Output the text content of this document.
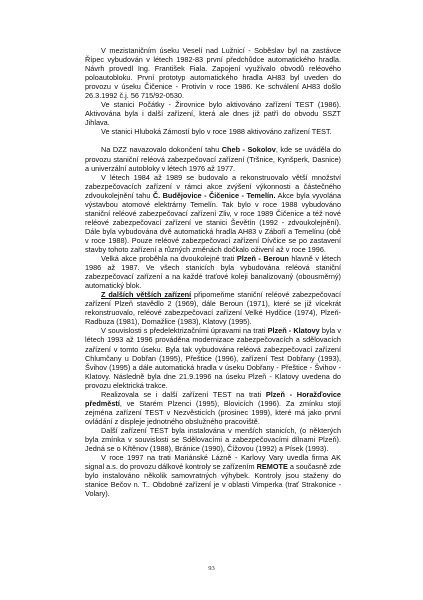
V mezistaničním úseku Veselí nad Lužnicí - Soběslav byl na zastávce Řípec vybudován v létech 1982-83 první předchůdce automatického hradla. Návrh provedl Ing. František Fiala. Zapojení využívalo obvodů reléového poloautobloku. První prototyp automatického hradla AH83 byl uveden do provozu v úseku Čičenice - Protivín v roce 1986. Ke schválení AH83 došlo 26.3.1992 č.j. 56 715/92-0530.

Ve stanici Počátky - Žirovnice bylo aktivováno zařízení TEST (1986). Aktivována byla i další zařízení, která ale dnes již patří do obvodu SSZT Jihlava.

Ve stanici Hluboká Zámostí bylo v roce 1988 aktivováno zařízení TEST.

Na DZZ navazovalo dokončení tahu Cheb - Sokolov, kde se uváděla do provozu staniční reléová zabezpečovací zařízení (Tršnice, Kynšperk, Dasnice) a univerzální autobloky v létech 1976 až 1977.

V létech 1984 až 1989 se budovalo a rekonstruovalo větší množství zabezpečovacích zařízení v rámci akce zvýšení výkonnosti a částečného zdvoukolejnění tahu Č. Budějovice - Čičenice - Temelín. Akce byla vyvolána výstavbou atomové elektrárny Temelín. Tak bylo v roce 1988 vybudováno staniční reléové zabezpečovací zařízení Zliv, v roce 1989 Čičenice a též nové reléové zabezpečovací zařízení ve stanici Ševětín (1992 - zdvoukolejnění). Dále byla vybudována dvě automatická hradla AH83 v Záboří a Temelínu (obě v roce 1988). Pouze reléové zabezpečovací zařízení Dívčice se po zastavení stavby tohoto zařízení a různých změnách dočkalo oživení až v roce 1996.

Velká akce proběhla na dvoukolejné trati Plzeň - Beroun hlavně v létech 1986 až 1987. Ve všech stanicích byla vybudována reléová staniční zabezpečovací zařízení a na každé traťové koleji banalizovaný (obousměrný) automatický blok.

Z dalších větších zařízení připomeňme staniční reléové zabezpečovací zařízení Plzeň stavědlo 2 (1969), dále Beroun (1971), které se již vícekrát rekonstruovalo, reléové zabezpečovací zařízení Velké Hydčice (1974), Plzeň-Radbuza (1981), Domažlice (1983), Klatovy (1995).

V souvislosti s předelektrizačními úpravami na trati Plzeň - Klatovy byla v létech 1993 až 1996 prováděna modernizace zabezpečovacích a sdělovacích zařízení v tomto úseku. Byla tak vybudována reléová zabezpečovací zařízení Chlumčany u Dobřan (1995), Přeštice (1996), zařízení Test Dobřany (1993), Švihov (1995) a dále automatická hradla v úseku Dobřany - Přeštice - Švihov - Klatovy. Následně byla dne 21.9.1996 na úseku Plzeň - Klatovy uvedena do provozu elektrická trakce.

Realizovala se i další zařízení TEST na trati Plzeň - Horažďovice předměstí, ve Starém Plzenci (1995), Blovicích (1996). Za zmínku stojí zejména zařízení TEST v Nezvěsticích (prosinec 1999), které má jako první ovládání z displeje jednotného obslužného pracoviště.

Další zařízení TEST byla instalována v menších stanicích, (o některých byla zmínka v souvislosti se Sdělovacími a zabezpečovacími dílnami Plzeň). Jedná se o Křtěnov (1988), Bránice (1990), Čížovou (1992) a Písek (1993).

V roce 1997 na trati Mariánské Lázně - Karlovy Vary uvedla firma AK signal a.s. do provozu dálkové kontroly se zařízením REMOTE a současně zde bylo instalováno několik samovratných výhybek. Kontroly jsou staženy do stanice Bečov n. T.. Obdobné zařízení je v oblasti Vimperka (trať Strakonice - Volary).

93
